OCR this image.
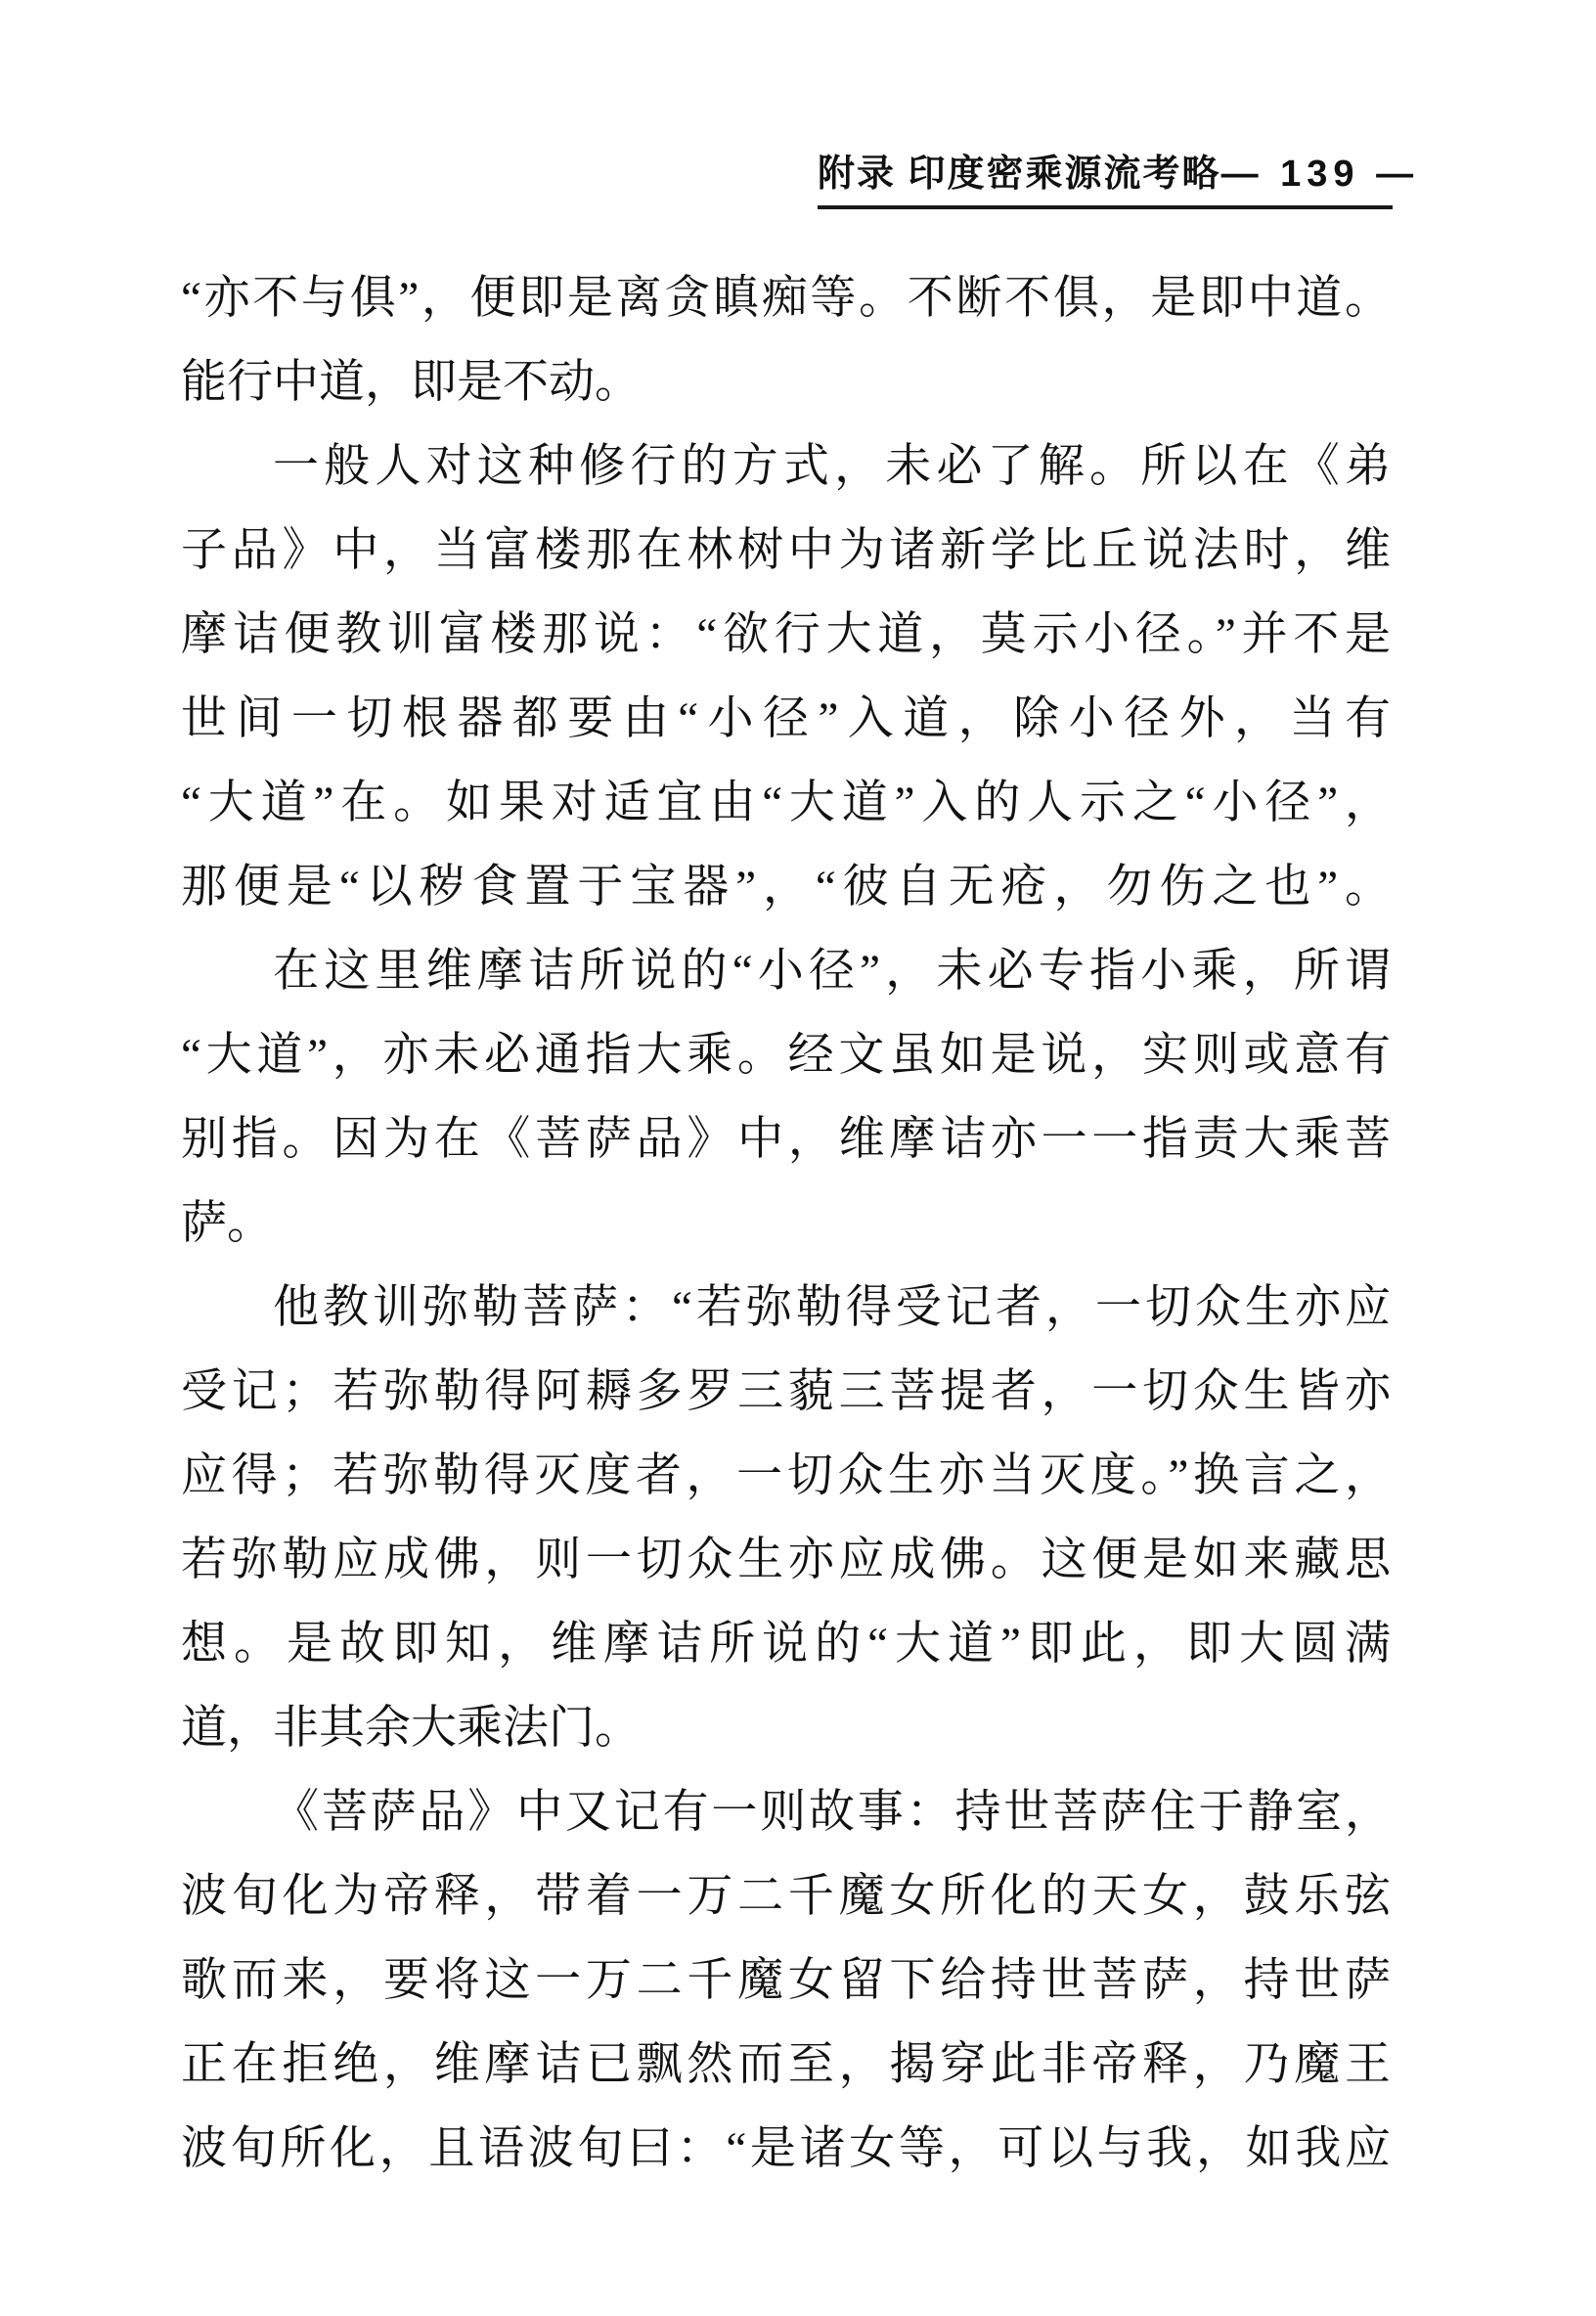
附录 印度密乘源流考略 — 139 —
“亦不与俱”，便即是离贪瞋痴等。不断不俱，是即中道。
能行中道，即是不动。
一般人对这种修行的方式，未必了解。所以在《弟
子品》中，当富楼那在林树中为诸新学比丘说法时，维
摩诘便教训富楼那说：“欲行大道，莫示小径。”并不是
世间一切根器都要由“小径”入道，除小径外，当有
“大道”在。如果对适宜由“大道”入的人示之“小径”，
那便是“以秽食置于宝器”，“彼自无疮，勿伤之也”。
在这里维摩诘所说的“小径”，未必专指小乘，所谓
“大道”，亦未必通指大乘。经文虽如是说，实则或意有
别指。因为在《菩萨品》中，维摩诘亦一一指责大乘菩
萨。
他教训弥勒菩萨：“若弥勒得受记者，一切众生亦应
受记；若弥勒得阿耨多罗三藐三菩提者，一切众生皆亦
应得；若弥勒得灭度者，一切众生亦当灭度。”换言之，
若弥勒应成佛，则一切众生亦应成佛。这便是如来藏思
想。是故即知，维摩诘所说的“大道”即此，即大圆满
道，非其余大乘法门。
《菩萨品》中又记有一则故事：持世菩萨住于静室，
波旬化为帝释，带着一万二千魔女所化的天女，鼓乐弦
歌而来，要将这一万二千魔女留下给持世菩萨，持世萨
正在拒绝，维摩诘已飘然而至，揭穿此非帝释，乃魔王
波旬所化，且语波旬曰：“是诸女等，可以与我，如我应
